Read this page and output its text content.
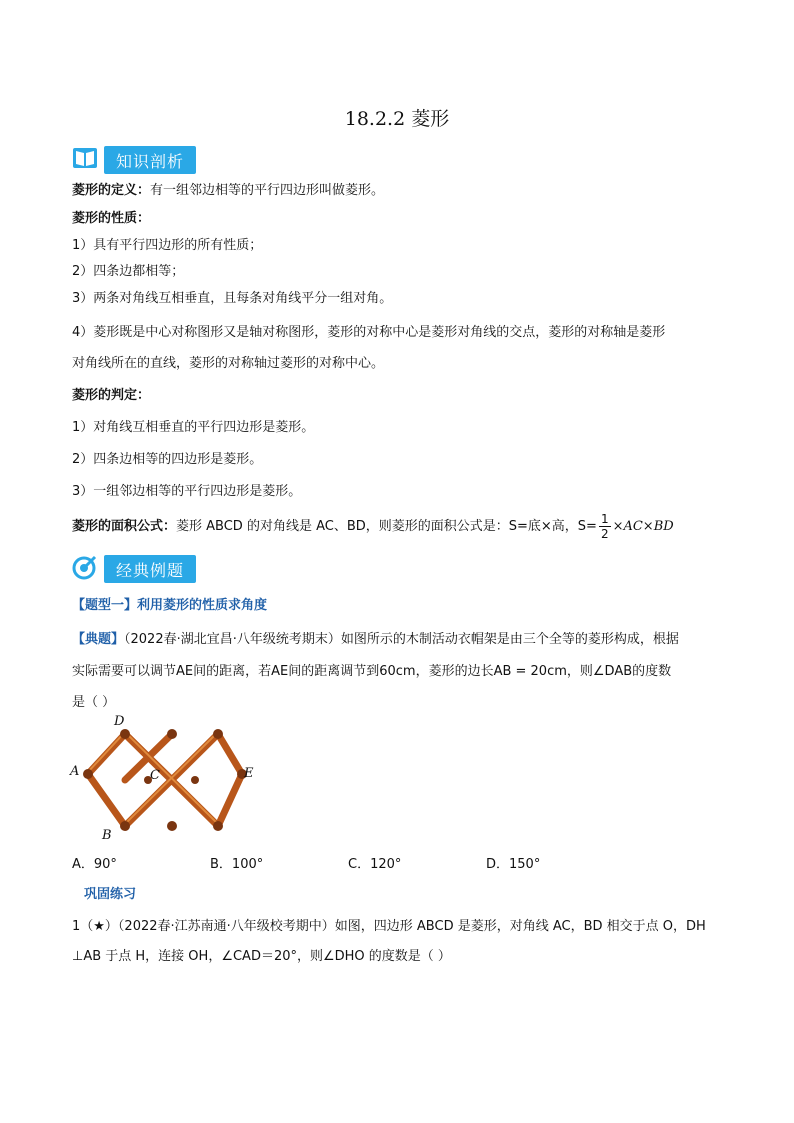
18.2.2 菱形
知识剖析
菱形的定义：有一组邻边相等的平行四边形叫做菱形。
菱形的性质：
1）具有平行四边形的所有性质；
2）四条边都相等；
3）两条对角线互相垂直，且每条对角线平分一组对角。
4）菱形既是中心对称图形又是轴对称图形，菱形的对称中心是菱形对角线的交点，菱形的对称轴是菱形
对角线所在的直线，菱形的对称轴过菱形的对称中心。
菱形的判定：
1）对角线互相垂直的平行四边形是菱形。
2）四条边相等的四边形是菱形。
3）一组邻边相等的平行四边形是菱形。
菱形的面积公式： 菱形 ABCD 的对角线是 AC、BD，则菱形的面积公式是：S=底×高，$S= \frac{1}{2} \times AC\times BD$
经典例题
【题型一】利用菱形的性质求角度
【典题】（2022春·湖北宜昌·八年级统考期末）如图所示的木制活动衣帽架是由三个全等的菱形构成，根据
实际需要可以调节AE间的距离，若AE间的距离调节到60cm，菱形的边长AB = 20cm，则∠DAB的度数
是（ ）
D
A	C	E
B
A．90°	B．100°	C．120°	D．150°
巩固练习
1（★）（2022春·江苏南通·八年级校考期中）如图，四边形 ABCD 是菱形，对角线 AC，BD 相交于点 O，DH
⊥AB 于点 H，连接 OH，∠CAD＝20°，则∠DHO 的度数是（ ）
